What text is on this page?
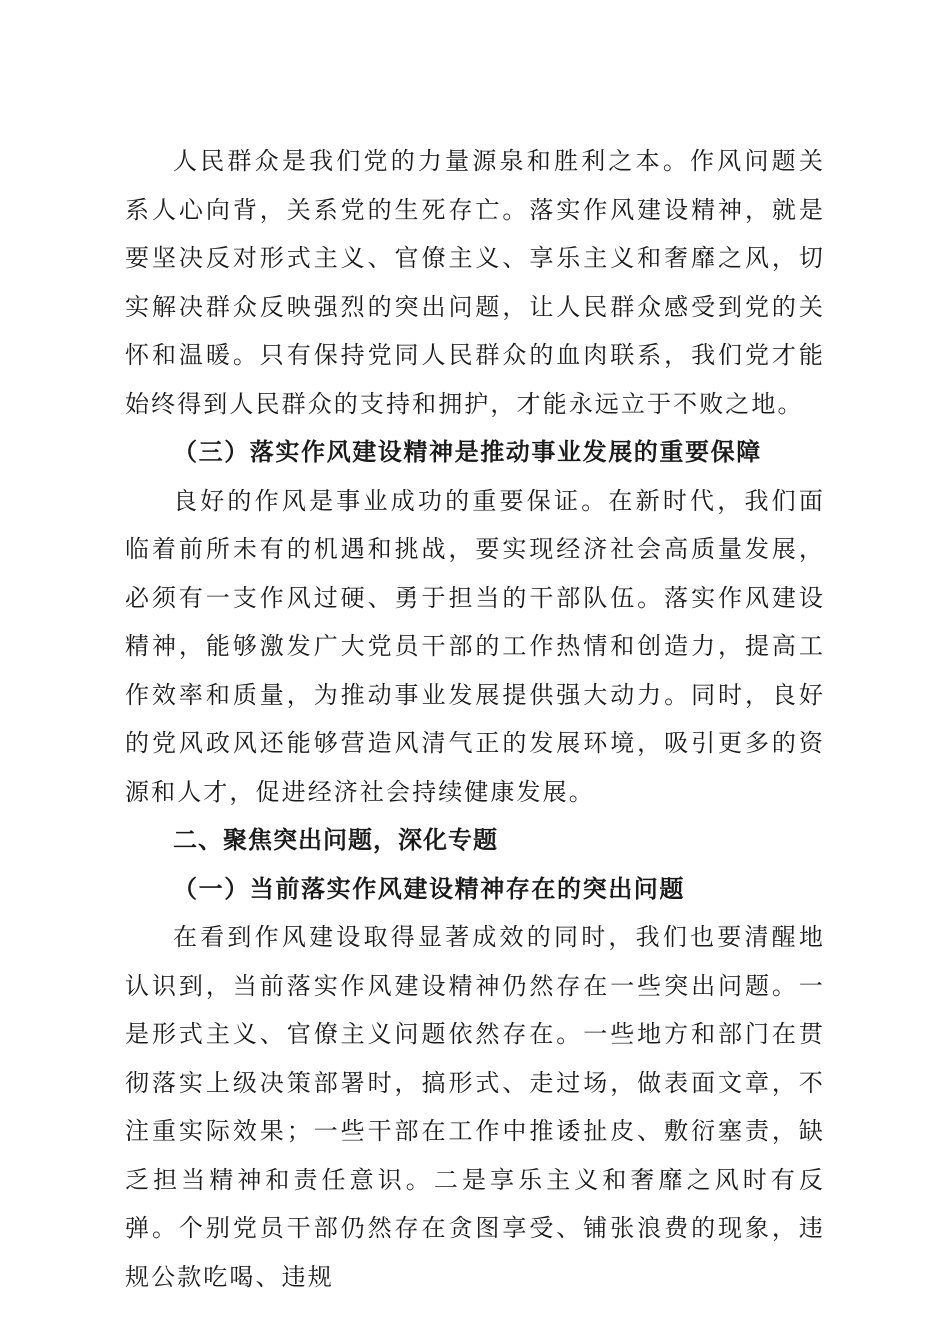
人民群众是我们党的力量源泉和胜利之本。作风问题关系人心向背，关系党的生死存亡。落实作风建设精神，就是要坚决反对形式主义、官僚主义、享乐主义和奢靡之风，切实解决群众反映强烈的突出问题，让人民群众感受到党的关怀和温暖。只有保持党同人民群众的血肉联系，我们党才能始终得到人民群众的支持和拥护，才能永远立于不败之地。

（三）落实作风建设精神是推动事业发展的重要保障

良好的作风是事业成功的重要保证。在新时代，我们面临着前所未有的机遇和挑战，要实现经济社会高质量发展，必须有一支作风过硬、勇于担当的干部队伍。落实作风建设精神，能够激发广大党员干部的工作热情和创造力，提高工作效率和质量，为推动事业发展提供强大动力。同时，良好的党风政风还能够营造风清气正的发展环境，吸引更多的资源和人才，促进经济社会持续健康发展。

二、聚焦突出问题，深化专题

（一）当前落实作风建设精神存在的突出问题

在看到作风建设取得显著成效的同时，我们也要清醒地认识到，当前落实作风建设精神仍然存在一些突出问题。一是形式主义、官僚主义问题依然存在。一些地方和部门在贯彻落实上级决策部署时，搞形式、走过场，做表面文章，不注重实际效果；一些干部在工作中推诿扯皮、敷衍塞责，缺乏担当精神和责任意识。二是享乐主义和奢靡之风时有反弹。个别党员干部仍然存在贪图享受、铺张浪费的现象，违规公款吃喝、违规
